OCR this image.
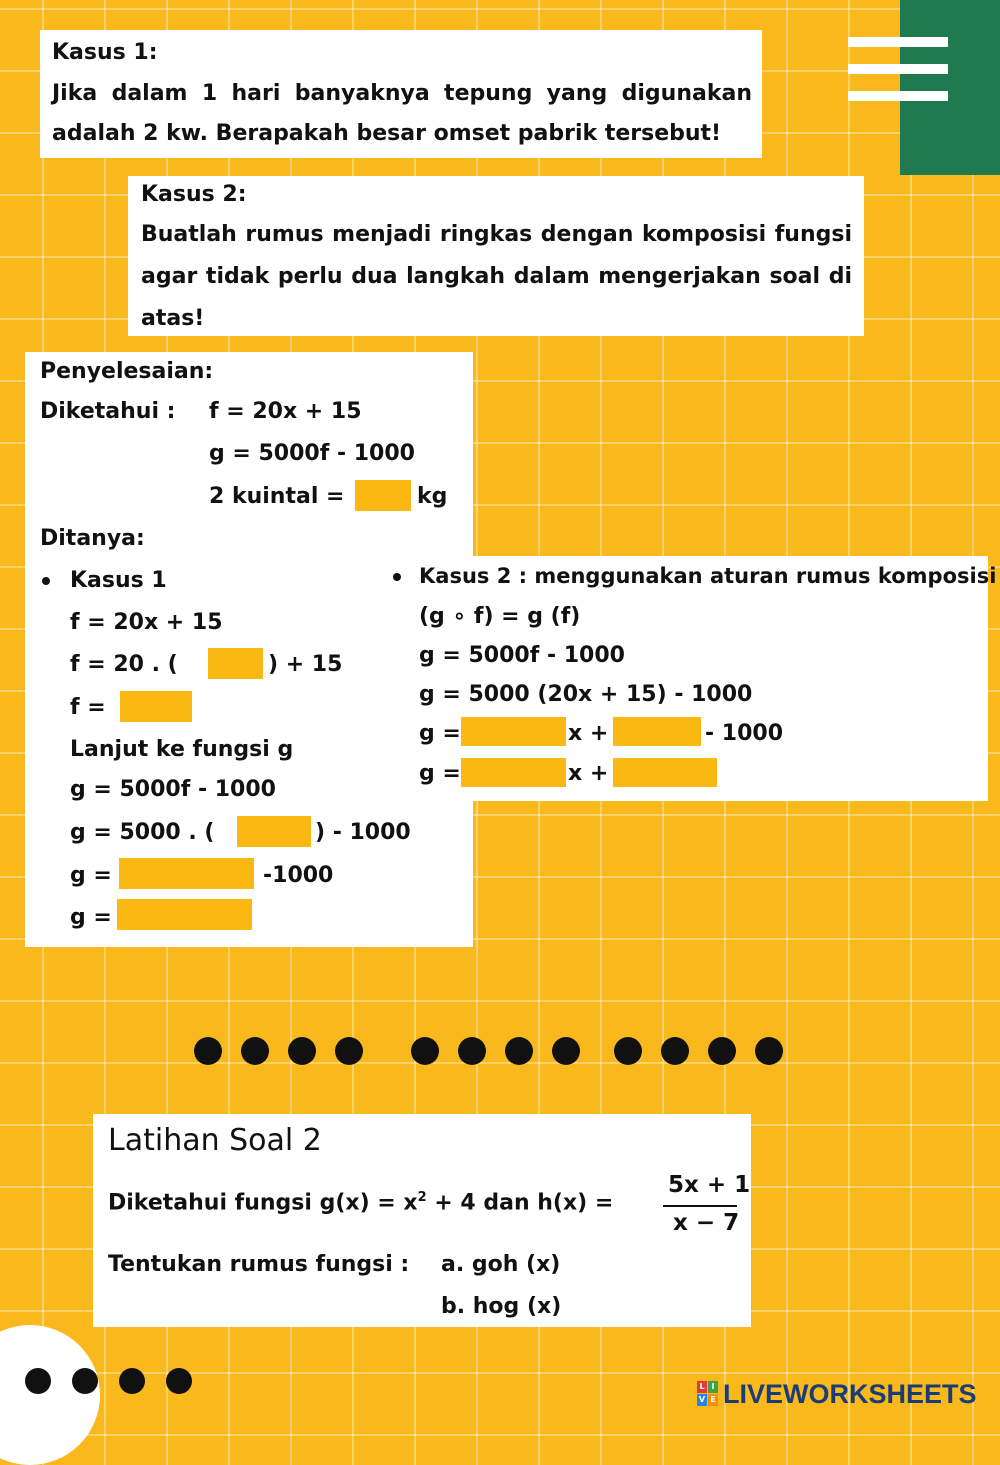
Kasus 1:
Jika dalam 1 hari banyaknya tepung yang digunakan adalah 2 kw. Berapakah besar omset pabrik tersebut!
Kasus 2:
Buatlah rumus menjadi ringkas dengan komposisi fungsi agar tidak perlu dua langkah dalam mengerjakan soal di atas!
Penyelesaian:
Diketahui : f = 20x + 15
g = 5000f - 1000
2 kuintal =	kg
Ditanya:
Kasus 1
f = 20x + 15
f = 20 . (	) + 15
f =
Lanjut ke fungsi g
g = 5000f - 1000
g = 5000 . (	) - 1000
g =	-1000
g =
Kasus 2 : menggunakan aturan rumus komposisi
(g ∘ f) = g (f)
g = 5000f - 1000
g = 5000 (20x + 15) - 1000
g =	x +	- 1000
g =	x +
Latihan Soal 2
Diketahui fungsi $g(x) = x^2 + 4$ dan h(x) =
5x + 1
x − 7
Tentukan rumus fungsi : a. goh (x)
b. hog (x)
L I
V E LIVEWORKSHEETS
